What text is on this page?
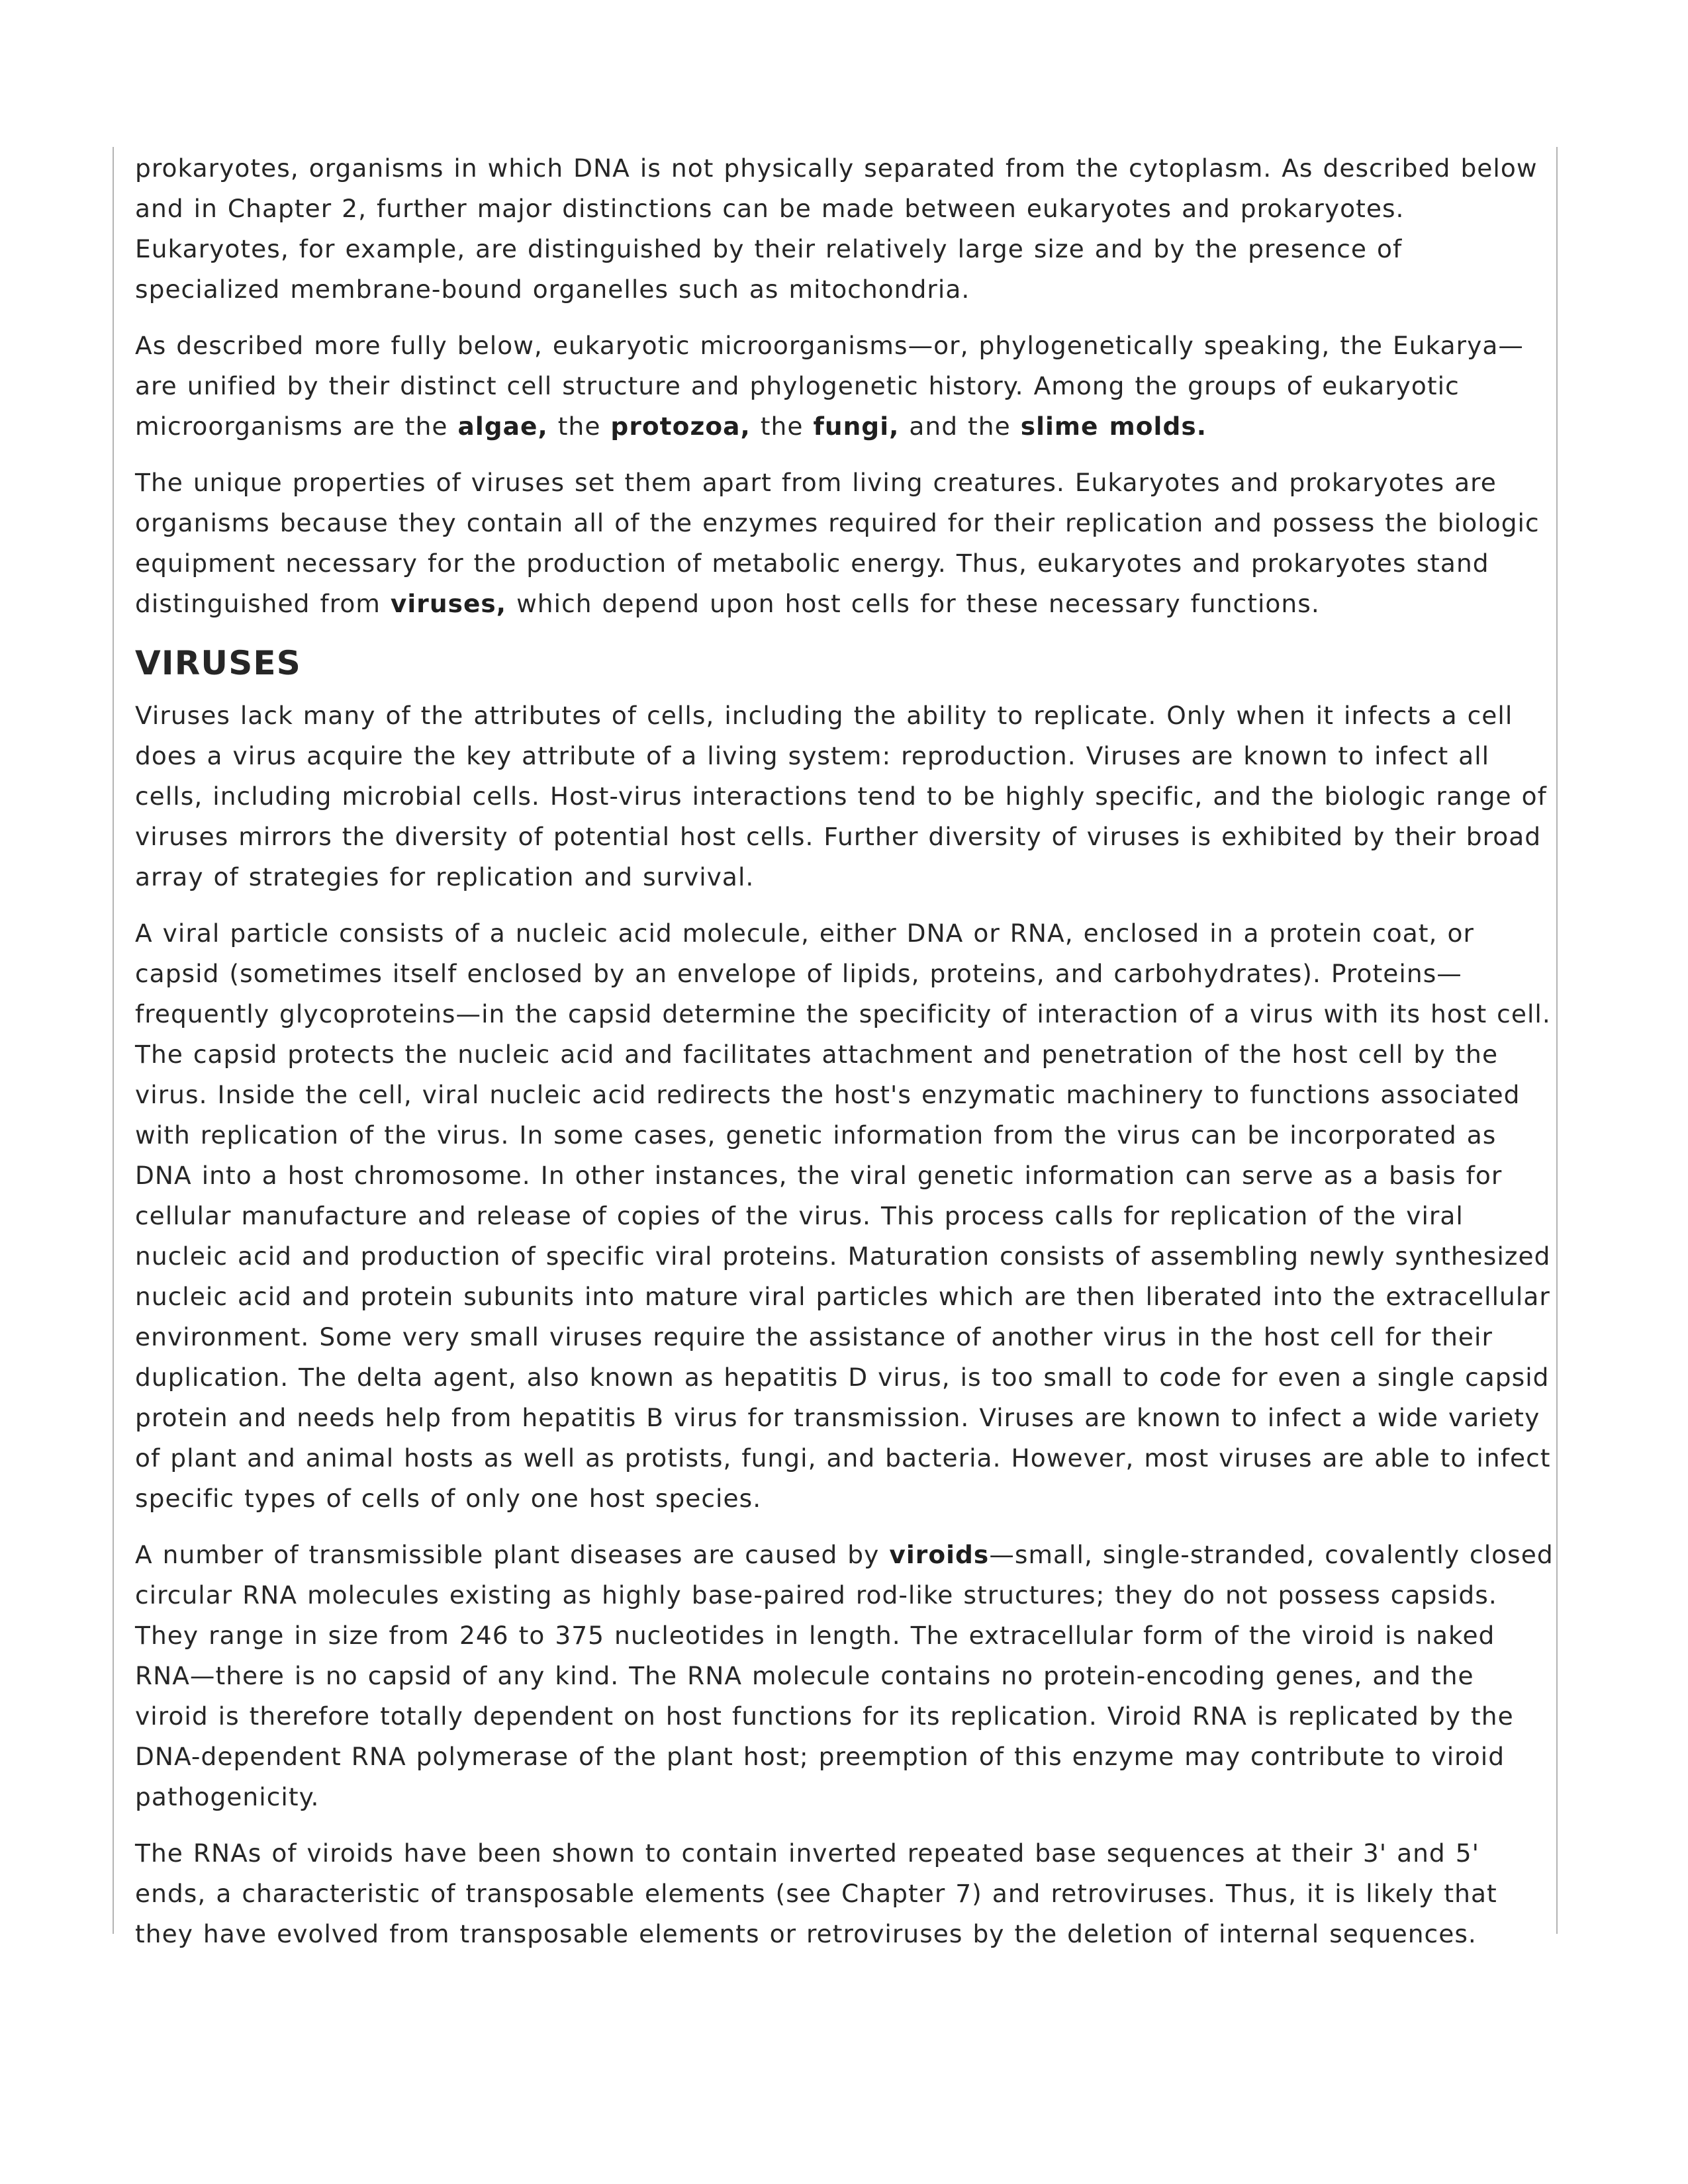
prokaryotes, organisms in which DNA is not physically separated from the cytoplasm. As described below and in Chapter 2, further major distinctions can be made between eukaryotes and prokaryotes. Eukaryotes, for example, are distinguished by their relatively large size and by the presence of specialized membrane-bound organelles such as mitochondria.

As described more fully below, eukaryotic microorganisms—or, phylogenetically speaking, the Eukarya—are unified by their distinct cell structure and phylogenetic history. Among the groups of eukaryotic microorganisms are the algae, the protozoa, the fungi, and the slime molds.

The unique properties of viruses set them apart from living creatures. Eukaryotes and prokaryotes are organisms because they contain all of the enzymes required for their replication and possess the biologic equipment necessary for the production of metabolic energy. Thus, eukaryotes and prokaryotes stand distinguished from viruses, which depend upon host cells for these necessary functions.

VIRUSES

Viruses lack many of the attributes of cells, including the ability to replicate. Only when it infects a cell does a virus acquire the key attribute of a living system: reproduction. Viruses are known to infect all cells, including microbial cells. Host-virus interactions tend to be highly specific, and the biologic range of viruses mirrors the diversity of potential host cells. Further diversity of viruses is exhibited by their broad array of strategies for replication and survival.

A viral particle consists of a nucleic acid molecule, either DNA or RNA, enclosed in a protein coat, or capsid (sometimes itself enclosed by an envelope of lipids, proteins, and carbohydrates). Proteins—frequently glycoproteins—in the capsid determine the specificity of interaction of a virus with its host cell. The capsid protects the nucleic acid and facilitates attachment and penetration of the host cell by the virus. Inside the cell, viral nucleic acid redirects the host's enzymatic machinery to functions associated with replication of the virus. In some cases, genetic information from the virus can be incorporated as DNA into a host chromosome. In other instances, the viral genetic information can serve as a basis for cellular manufacture and release of copies of the virus. This process calls for replication of the viral nucleic acid and production of specific viral proteins. Maturation consists of assembling newly synthesized nucleic acid and protein subunits into mature viral particles which are then liberated into the extracellular environment. Some very small viruses require the assistance of another virus in the host cell for their duplication. The delta agent, also known as hepatitis D virus, is too small to code for even a single capsid protein and needs help from hepatitis B virus for transmission. Viruses are known to infect a wide variety of plant and animal hosts as well as protists, fungi, and bacteria. However, most viruses are able to infect specific types of cells of only one host species.

A number of transmissible plant diseases are caused by viroids—small, single-stranded, covalently closed circular RNA molecules existing as highly base-paired rod-like structures; they do not possess capsids. They range in size from 246 to 375 nucleotides in length. The extracellular form of the viroid is naked RNA—there is no capsid of any kind. The RNA molecule contains no protein-encoding genes, and the viroid is therefore totally dependent on host functions for its replication. Viroid RNA is replicated by the DNA-dependent RNA polymerase of the plant host; preemption of this enzyme may contribute to viroid pathogenicity.

The RNAs of viroids have been shown to contain inverted repeated base sequences at their 3' and 5' ends, a characteristic of transposable elements (see Chapter 7) and retroviruses. Thus, it is likely that they have evolved from transposable elements or retroviruses by the deletion of internal sequences.
